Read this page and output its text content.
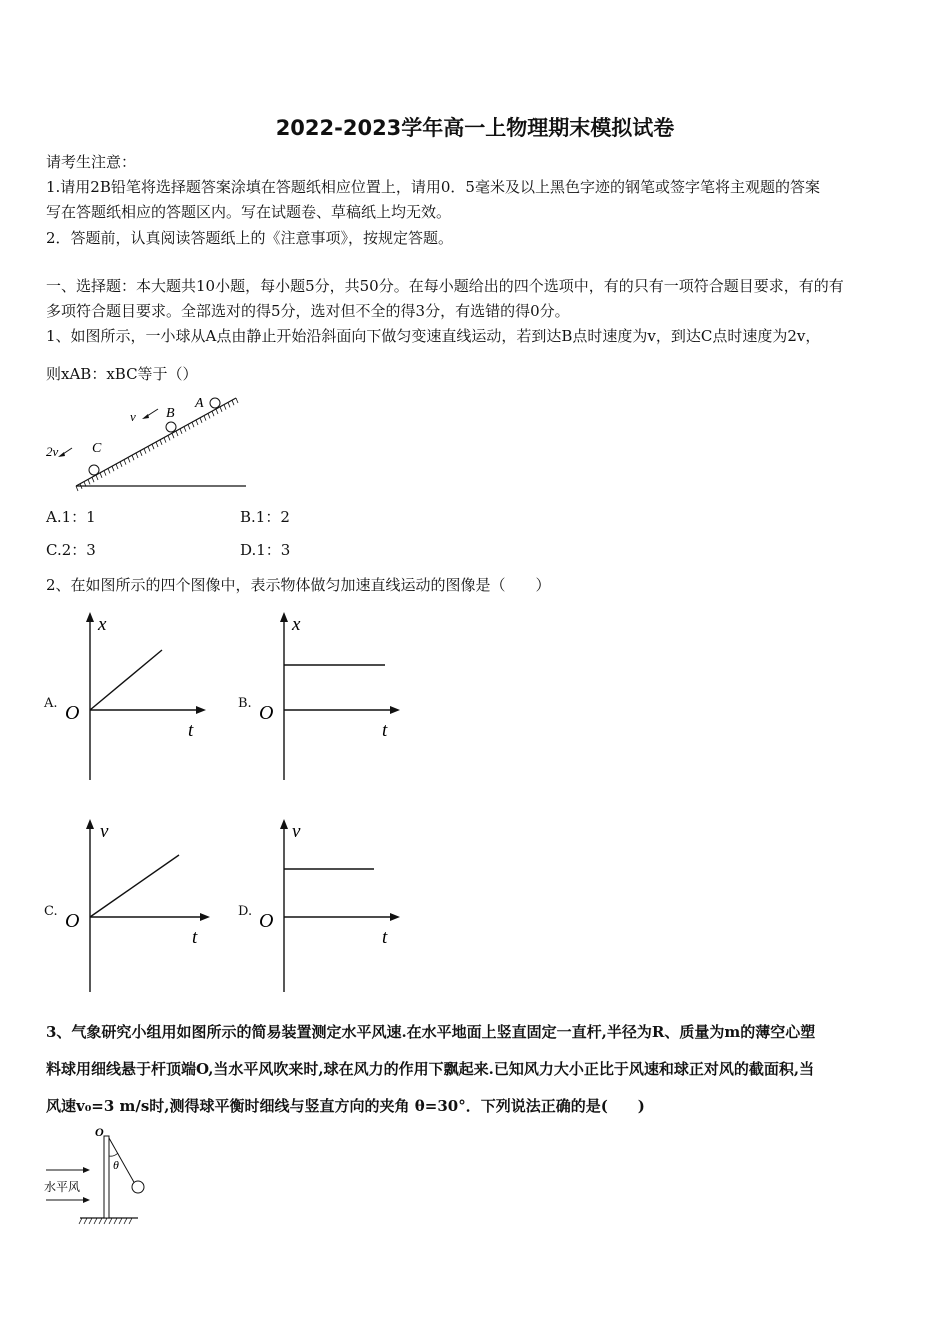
2022-2023学年高一上物理期末模拟试卷
请考生注意：
1.请用2B铅笔将选择题答案涂填在答题纸相应位置上，请用0．5毫米及以上黑色字迹的钢笔或签字笔将主观题的答案
写在答题纸相应的答题区内。写在试题卷、草稿纸上均无效。
2．答题前，认真阅读答题纸上的《注意事项》，按规定答题。
一、选择题：本大题共10小题，每小题5分，共50分。在每小题给出的四个选项中，有的只有一项符合题目要求，有的有
多项符合题目要求。全部选对的得5分，选对但不全的得3分，有选错的得0分。
1、如图所示，一小球从A点由静止开始沿斜面向下做匀变速直线运动，若到达B点时速度为v，到达C点时速度为2v，
则xAB：xBC等于（）
A
B
C
v
2v
A.1：1	B.1：2
C.2：3	D.1：3
2、在如图所示的四个图像中，表示物体做匀加速直线运动的图像是（　　）
A.
x
t
O	B.
x
t
O
C.
v
t
O	D.
v
t
O
3、气象研究小组用如图所示的简易装置测定水平风速.在水平地面上竖直固定一直杆,半径为R、质量为m的薄空心塑
料球用细线悬于杆顶端O,当水平风吹来时,球在风力的作用下飘起来.已知风力大小正比于风速和球正对风的截面积,当
风速v₀=3 m/s时,测得球平衡时细线与竖直方向的夹角 θ=30°．下列说法正确的是(　　)
O
θ
水平风
